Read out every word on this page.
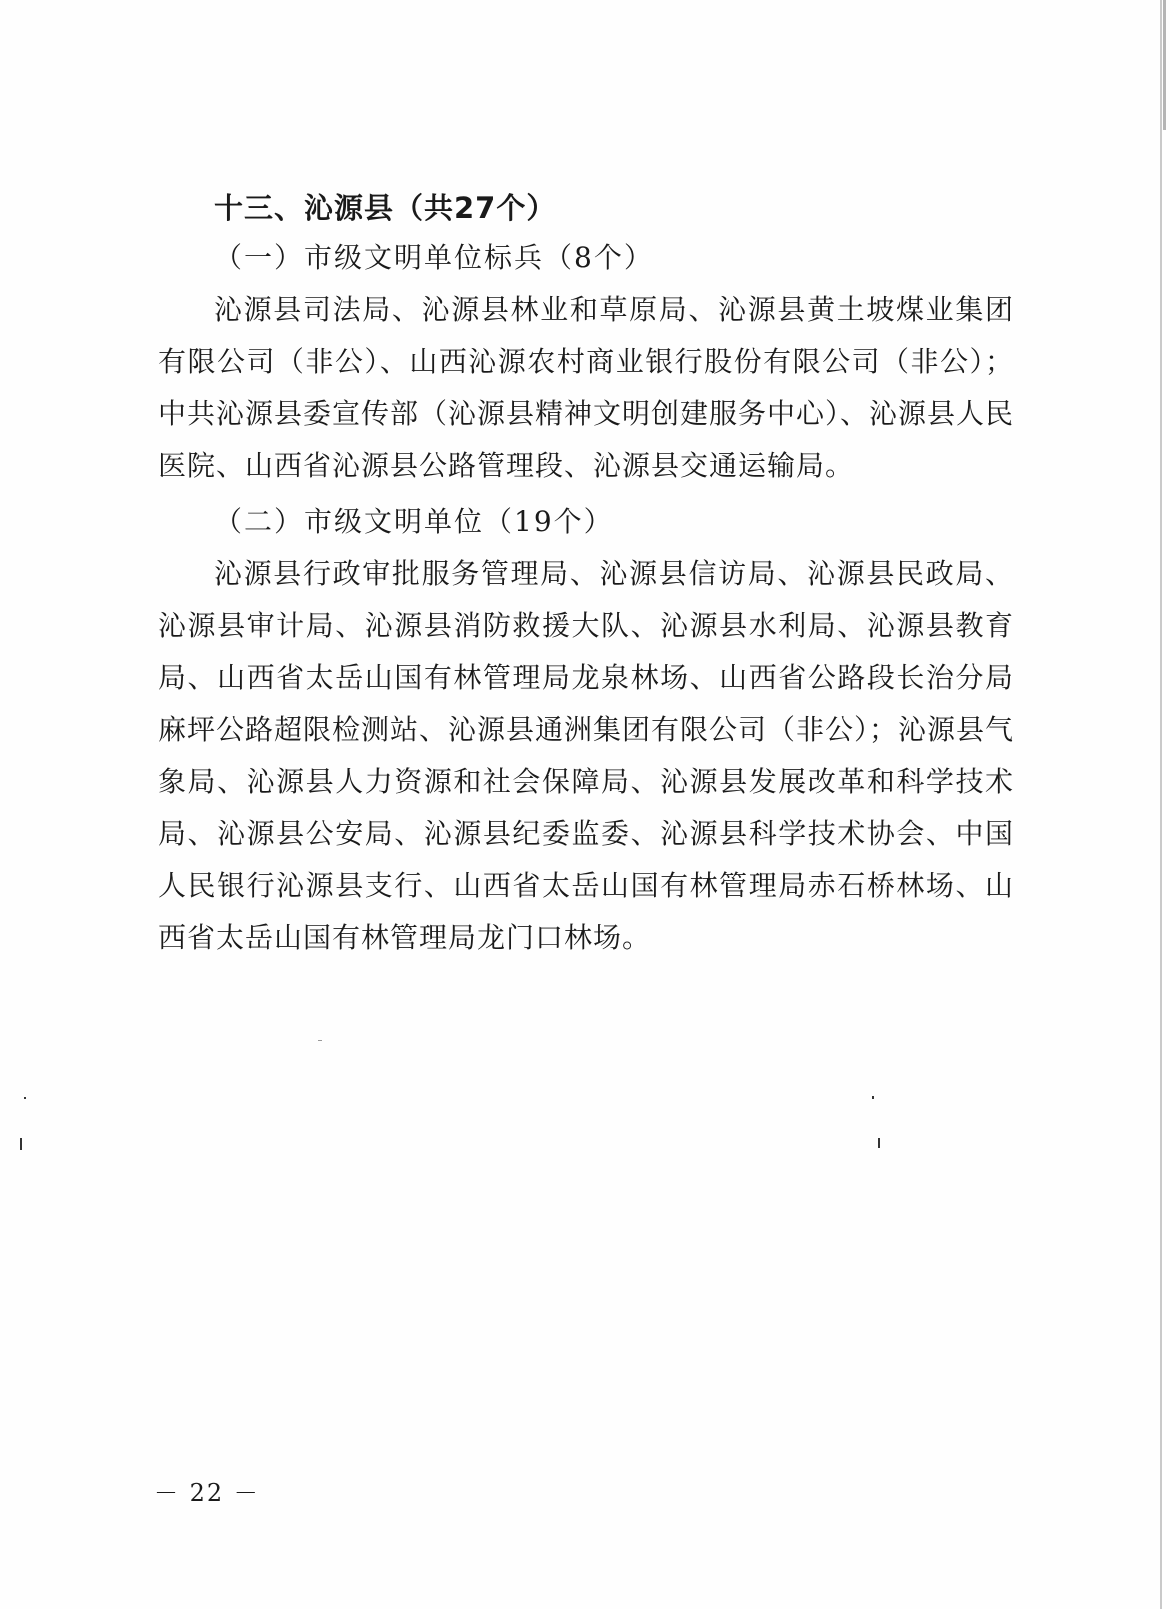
十三、沁源县（共27个）
（一）市级文明单位标兵（8个）

沁源县司法局、沁源县林业和草原局、沁源县黄土坡煤业集团有限公司（非公）、山西沁源农村商业银行股份有限公司（非公）；中共沁源县委宣传部（沁源县精神文明创建服务中心）、沁源县人民医院、山西省沁源县公路管理段、沁源县交通运输局。

（二）市级文明单位（19个）

沁源县行政审批服务管理局、沁源县信访局、沁源县民政局、沁源县审计局、沁源县消防救援大队、沁源县水利局、沁源县教育局、山西省太岳山国有林管理局龙泉林场、山西省公路段长治分局麻坪公路超限检测站、沁源县通洲集团有限公司（非公）；沁源县气象局、沁源县人力资源和社会保障局、沁源县发展改革和科学技术局、沁源县公安局、沁源县纪委监委、沁源县科学技术协会、中国人民银行沁源县支行、山西省太岳山国有林管理局赤石桥林场、山西省太岳山国有林管理局龙门口林场。

－ 22 －
